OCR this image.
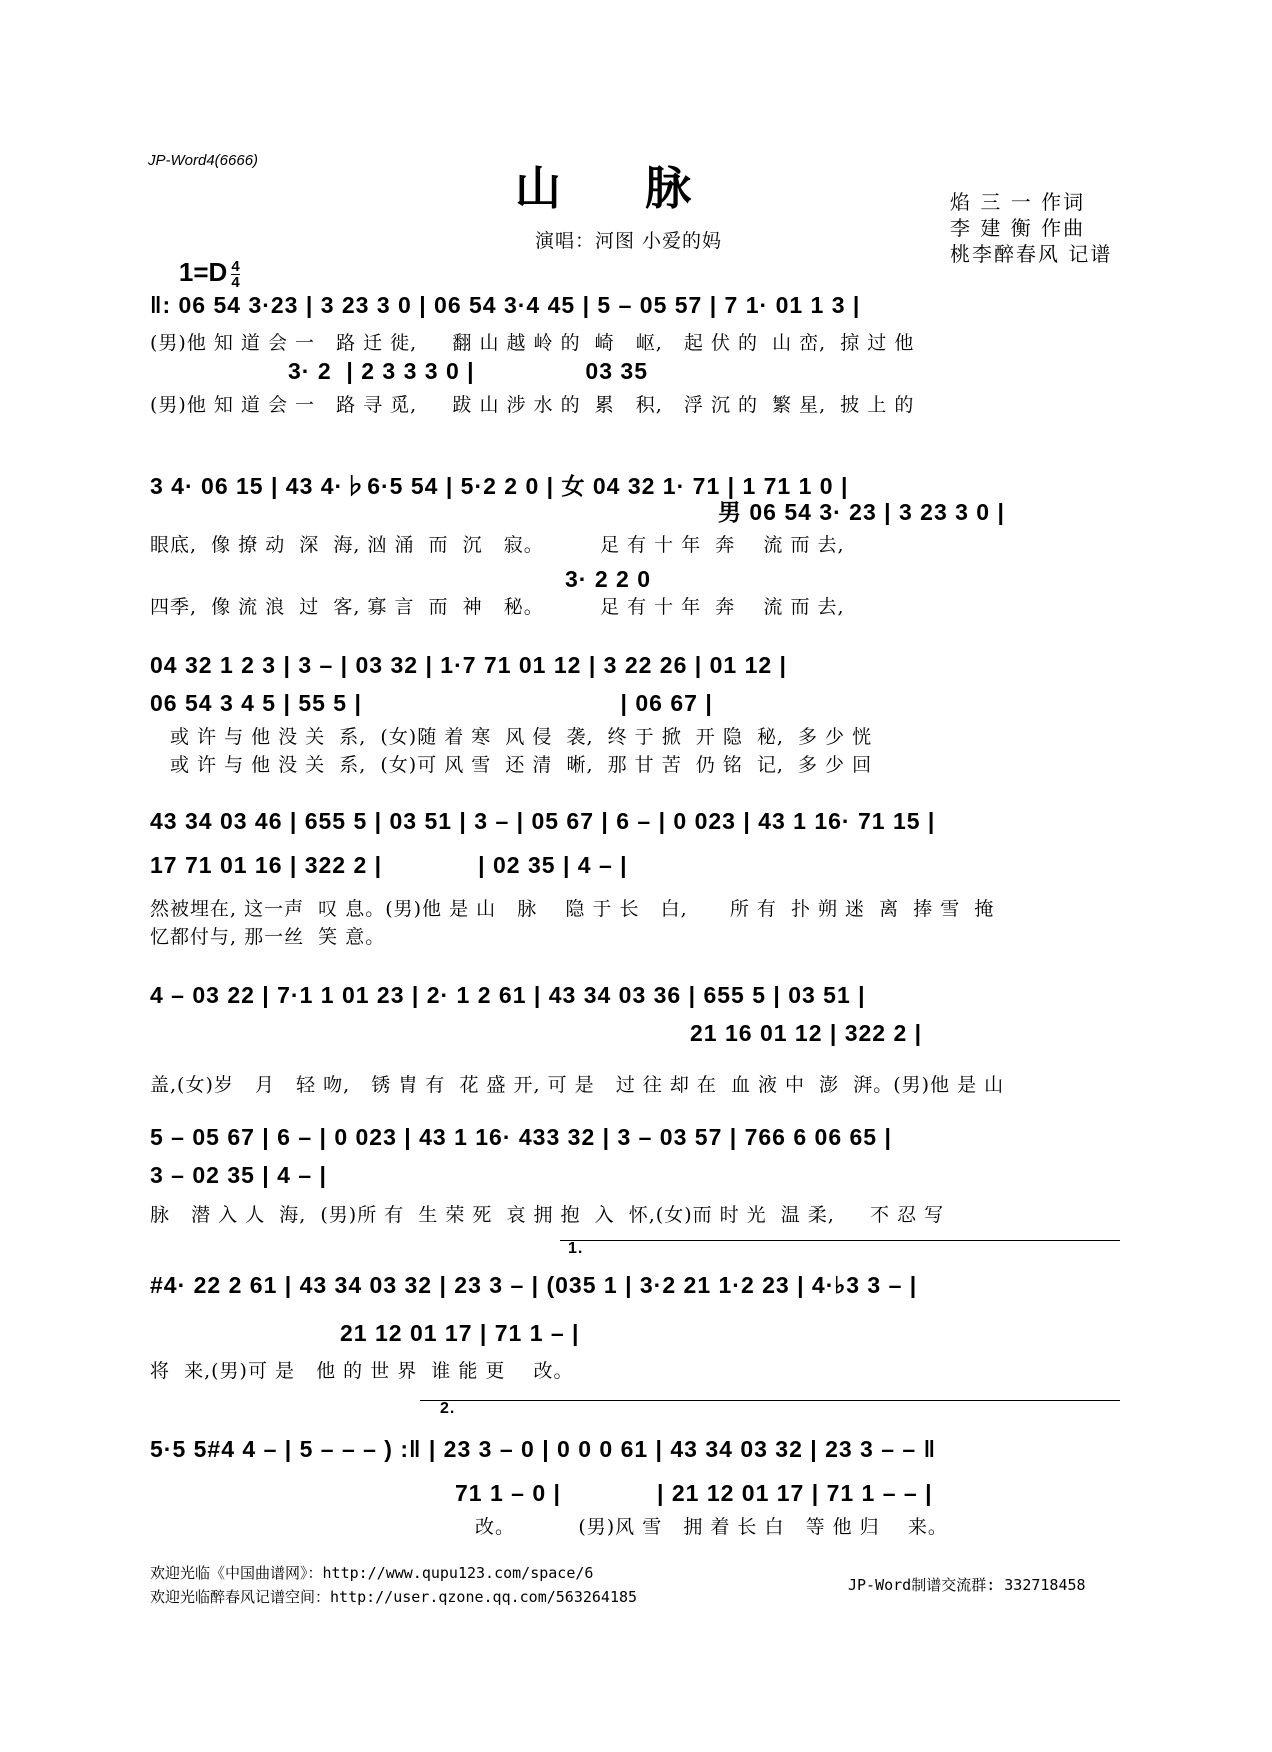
JP-Word4(6666)
山    脉	焰 三 一 作词
李 建 衡 作曲
桃李醉春风 记谱

$1=D \frac{4}{4}$

演唱：河图 小爱的妈
‖: 06 54 3·23 | 3 23 3 0 | 06 54 3·4 45 | 5 – 05 57 | 7 1· 01 1 3 |
(男)他 知 道 会 一   路 迁 徙,     翻 山 越 岭 的  崎   岖,   起 伏 的  山 峦,  掠 过 他
3· 2  | 2 3 3 3 0 |               03 35
(男)他 知 道 会 一   路 寻 觅,     跋 山 涉 水 的  累   积,   浮 沉 的  繁 星,  披 上 的
3 4· 06 15 | 43 4·♭6·5 54 | 5·2 2 0 | 女 04 32 1· 71 | 1 71 1 0 |
男 06 54 3· 23 | 3 23 3 0 |
眼底,  像 撩 动  深  海, 汹 涌  而  沉   寂。        足 有 十 年  奔    流 而 去,
3· 2 2 0
四季,  像 流 浪  过  客, 寡 言  而  神   秘。        足 有 十 年  奔    流 而 去,
04 32 1 2 3 | 3 – | 03 32 | 1·7 71 01 12 | 3 22 26 | 01 12 |
06 54 3 4 5 | 55 5 |                                   | 06 67 |
或 许 与 他 没 关  系,  (女)随 着 寒  风 侵  袭,  终 于 掀  开 隐  秘,  多 少 恍
或 许 与 他 没 关  系,  (女)可 风 雪  还 清  晰,  那 甘 苦  仍 铭  记,  多 少 回
43 34 03 46 | 655 5 | 03 51 | 3 – | 05 67 | 6 – | 0 023 | 43 1 16· 71 15 |
17 71 01 16 | 322 2 |             | 02 35 | 4 – |
然被埋在, 这一声  叹 息。(男)他 是 山   脉    隐 于 长   白,      所 有  扑 朔 迷  离  捧 雪  掩
忆都付与, 那一丝  笑 意。
4 – 03 22 | 7·1 1 01 23 | 2· 1 2 61 | 43 34 03 36 | 655 5 | 03 51 |
21 16 01 12 | 322 2 |
盖,(女)岁   月   轻 吻,   锈 胄 有  花 盛 开, 可 是   过 往 却 在  血 液 中  澎  湃。(男)他 是 山
5 – 05 67 | 6 – | 0 023 | 43 1 16· 433 32 | 3 – 03 57 | 766 6 06 65 |
3 – 02 35 | 4 – |
脉   潜 入 人  海,  (男)所 有  生 荣 死  哀 拥 抱  入  怀,(女)而 时 光  温 柔,     不 忍 写
1.
#4· 22 2 61 | 43 34 03 32 | 23 3 – | (035 1 | 3·2 21 1·2 23 | 4·♭3 3 – |
21 12 01 17 | 71 1 – |
将  来,(男)可 是   他 的 世 界  谁 能 更    改。
2.
5·5 5#4 4 – | 5 – – – ) :‖ | 23 3 – 0 | 0 0 0 61 | 43 34 03 32 | 23 3 – – ‖
71 1 – 0 |             | 21 12 01 17 | 71 1 – – |
改。         (男)风 雪   拥 着 长 白   等 他 归    来。
欢迎光临《中国曲谱网》：http://www.qupu123.com/space/6
欢迎光临醉春风记谱空间：http://user.qzone.qq.com/563264185
JP-Word制谱交流群: 332718458
